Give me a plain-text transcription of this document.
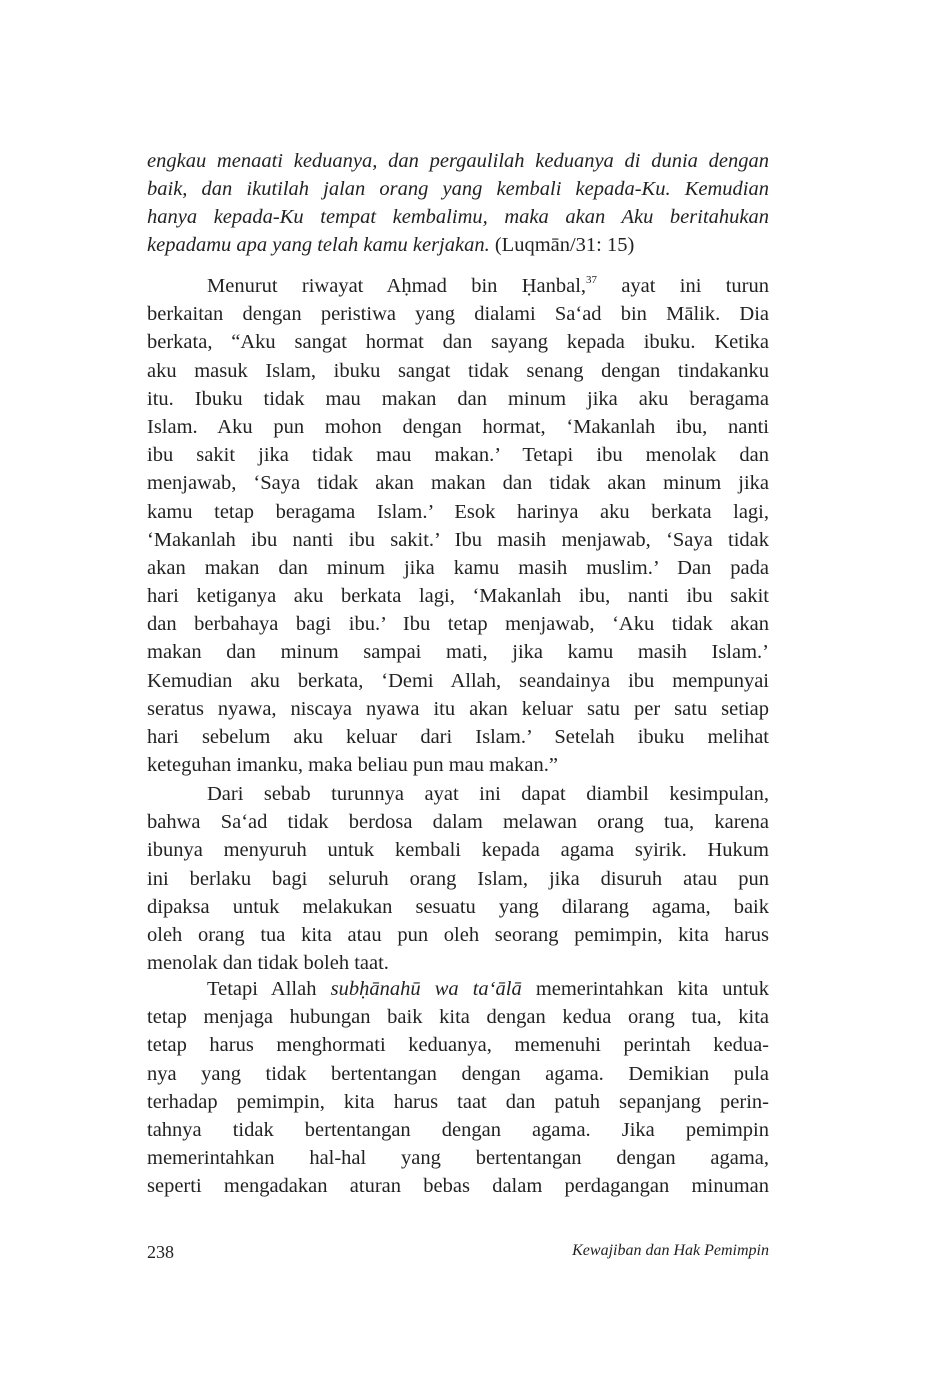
engkau menaati keduanya, dan pergaulilah keduanya di dunia dengan
baik, dan ikutilah jalan orang yang kembali kepada-Ku. Kemudian
hanya kepada-Ku tempat kembalimu, maka akan Aku beritahukan
kepadamu apa yang telah kamu kerjakan. (Luqmān/31: 15)
Menurut riwayat Aḥmad bin Ḥanbal,$^{37}$ ayat ini turun
berkaitan dengan peristiwa yang dialami Sa‘ad bin Mālik. Dia
berkata, “Aku sangat hormat dan sayang kepada ibuku. Ketika
aku masuk Islam, ibuku sangat tidak senang dengan tindakanku
itu. Ibuku tidak mau makan dan minum jika aku beragama
Islam. Aku pun mohon dengan hormat, ‘Makanlah ibu, nanti
ibu sakit jika tidak mau makan.’ Tetapi ibu menolak dan
menjawab, ‘Saya tidak akan makan dan tidak akan minum jika
kamu tetap beragama Islam.’ Esok harinya aku berkata lagi,
‘Makanlah ibu nanti ibu sakit.’ Ibu masih menjawab, ‘Saya tidak
akan makan dan minum jika kamu masih muslim.’ Dan pada
hari ketiganya aku berkata lagi, ‘Makanlah ibu, nanti ibu sakit
dan berbahaya bagi ibu.’ Ibu tetap menjawab, ‘Aku tidak akan
makan dan minum sampai mati, jika kamu masih Islam.’
Kemudian aku berkata, ‘Demi Allah, seandainya ibu mempunyai
seratus nyawa, niscaya nyawa itu akan keluar satu per satu setiap
hari sebelum aku keluar dari Islam.’ Setelah ibuku melihat
keteguhan imanku, maka beliau pun mau makan.”
Dari sebab turunnya ayat ini dapat diambil kesimpulan,
bahwa Sa‘ad tidak berdosa dalam melawan orang tua, karena
ibunya menyuruh untuk kembali kepada agama syirik. Hukum
ini berlaku bagi seluruh orang Islam, jika disuruh atau pun
dipaksa untuk melakukan sesuatu yang dilarang agama, baik
oleh orang tua kita atau pun oleh seorang pemimpin, kita harus
menolak dan tidak boleh taat.
Tetapi Allah subḥānahū wa ta‘ālā memerintahkan kita untuk
tetap menjaga hubungan baik kita dengan kedua orang tua, kita
tetap harus menghormati keduanya, memenuhi perintah kedua-
nya yang tidak bertentangan dengan agama. Demikian pula
terhadap pemimpin, kita harus taat dan patuh sepanjang perin-
tahnya tidak bertentangan dengan agama. Jika pemimpin
memerintahkan hal-hal yang bertentangan dengan agama,
seperti mengadakan aturan bebas dalam perdagangan minuman
238	Kewajiban dan Hak Pemimpin
